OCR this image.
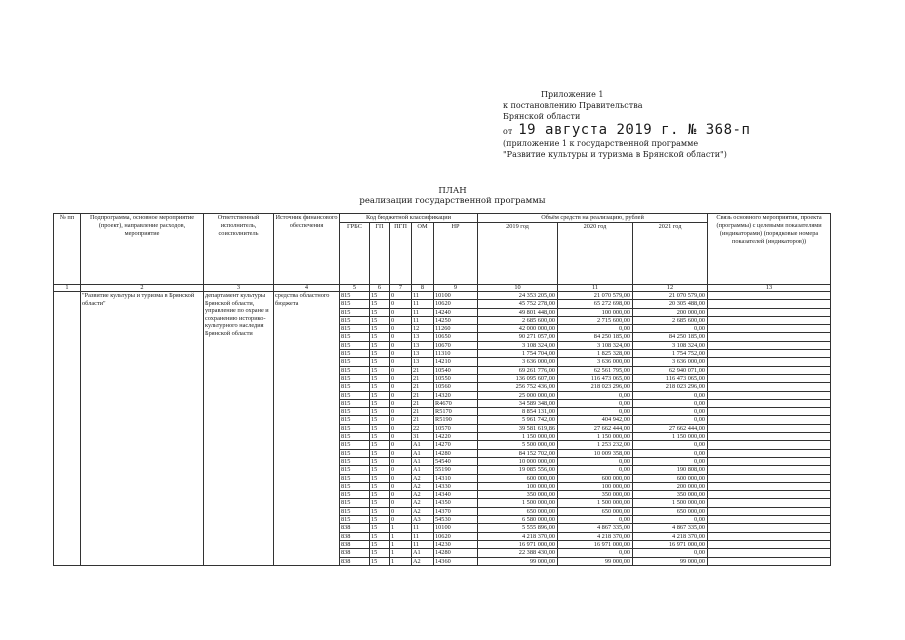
Приложение 1
к постановлению Правительства
Брянской области
от 19 августа 2019 г. № 368-п
(приложение 1 к государственной программе
"Развитие культуры и туризма в Брянской области")
ПЛАН
реализации государственной программы
№ пп	Подпрограмма, основное мероприятие (проект), направление расходов, мероприятие	Ответственный исполнитель, соисполнитель	Источник финансового обеспечения	Код бюджетной классификации					Объём средств на реализацию, рублей			Связь основного мероприятия, проекта (программы) с целевыми показателями (индикаторами) (порядковые номера показателей (индикаторов))
				ГРБС	ГП	ПГП	ОМ	НР	2019 год	2020 год	2021 год	
1	2	3	4	5	6	7	8	9	10	11	12	13
	"Развитие культуры и туризма в Брянской области"	департамент культуры Брянской области, управление по охране и сохранению историко-культурного наследия Брянской области	средства областного бюджета	815	15	0	11	10100	24 353 205,00	21 070 579,00	21 070 579,00	
				815	15	0	11	10620	45 752 278,00	65 272 698,00	20 305 488,00	
				815	15	0	11	14240	49 801 448,00	100 000,00	200 000,00	
				815	15	0	11	14250	2 685 600,00	2 715 600,00	2 685 600,00	
				815	15	0	12	11260	42 000 000,00	0,00	0,00	
				815	15	0	13	10650	90 271 057,00	84 250 185,00	84 250 185,00	
				815	15	0	13	10670	3 108 324,00	3 108 324,00	3 108 324,00	
				815	15	0	13	11310	1 754 704,00	1 825 328,00	1 754 752,00	
				815	15	0	13	14210	3 636 000,00	3 636 000,00	3 636 000,00	
				815	15	0	21	10540	69 261 776,00	62 561 795,00	62 940 071,00	
				815	15	0	21	10550	136 095 607,00	116 473 065,00	116 473 065,00	
				815	15	0	21	10560	256 752 436,00	218 023 296,00	218 023 296,00	
				815	15	0	21	14320	25 000 000,00	0,00	0,00	
				815	15	0	21	R4670	34 589 348,00	0,00	0,00	
				815	15	0	21	R5170	8 854 131,00	0,00	0,00	
				815	15	0	21	R5190	5 961 742,00	404 942,00	0,00	
				815	15	0	22	10570	39 581 619,86	27 662 444,00	27 662 444,00	
				815	15	0	31	14220	1 150 000,00	1 150 000,00	1 150 000,00	
				815	15	0	A1	14270	5 500 000,00	1 253 232,00	0,00	
				815	15	0	A1	14280	84 152 702,00	10 009 358,00	0,00	
				815	15	0	A1	54540	10 000 000,00	0,00	0,00	
				815	15	0	A1	55190	19 085 556,00	0,00	190 808,00	
				815	15	0	A2	14310	600 000,00	600 000,00	600 000,00	
				815	15	0	A2	14330	100 000,00	100 000,00	200 000,00	
				815	15	0	A2	14340	350 000,00	350 000,00	350 000,00	
				815	15	0	A2	14350	1 500 000,00	1 500 000,00	1 500 000,00	
				815	15	0	A2	14370	650 000,00	650 000,00	650 000,00	
				815	15	0	A3	54530	6 580 000,00	0,00	0,00	
				838	15	1	11	10100	5 555 896,00	4 867 335,00	4 867 335,00	
				838	15	1	11	10620	4 218 370,00	4 218 370,00	4 218 370,00	
				838	15	1	11	14230	16 971 000,00	16 971 000,00	16 971 000,00	
				838	15	1	A1	14280	22 388 430,00	0,00	0,00	
				838	15	1	A2	14360	99 000,00	99 000,00	99 000,00	
